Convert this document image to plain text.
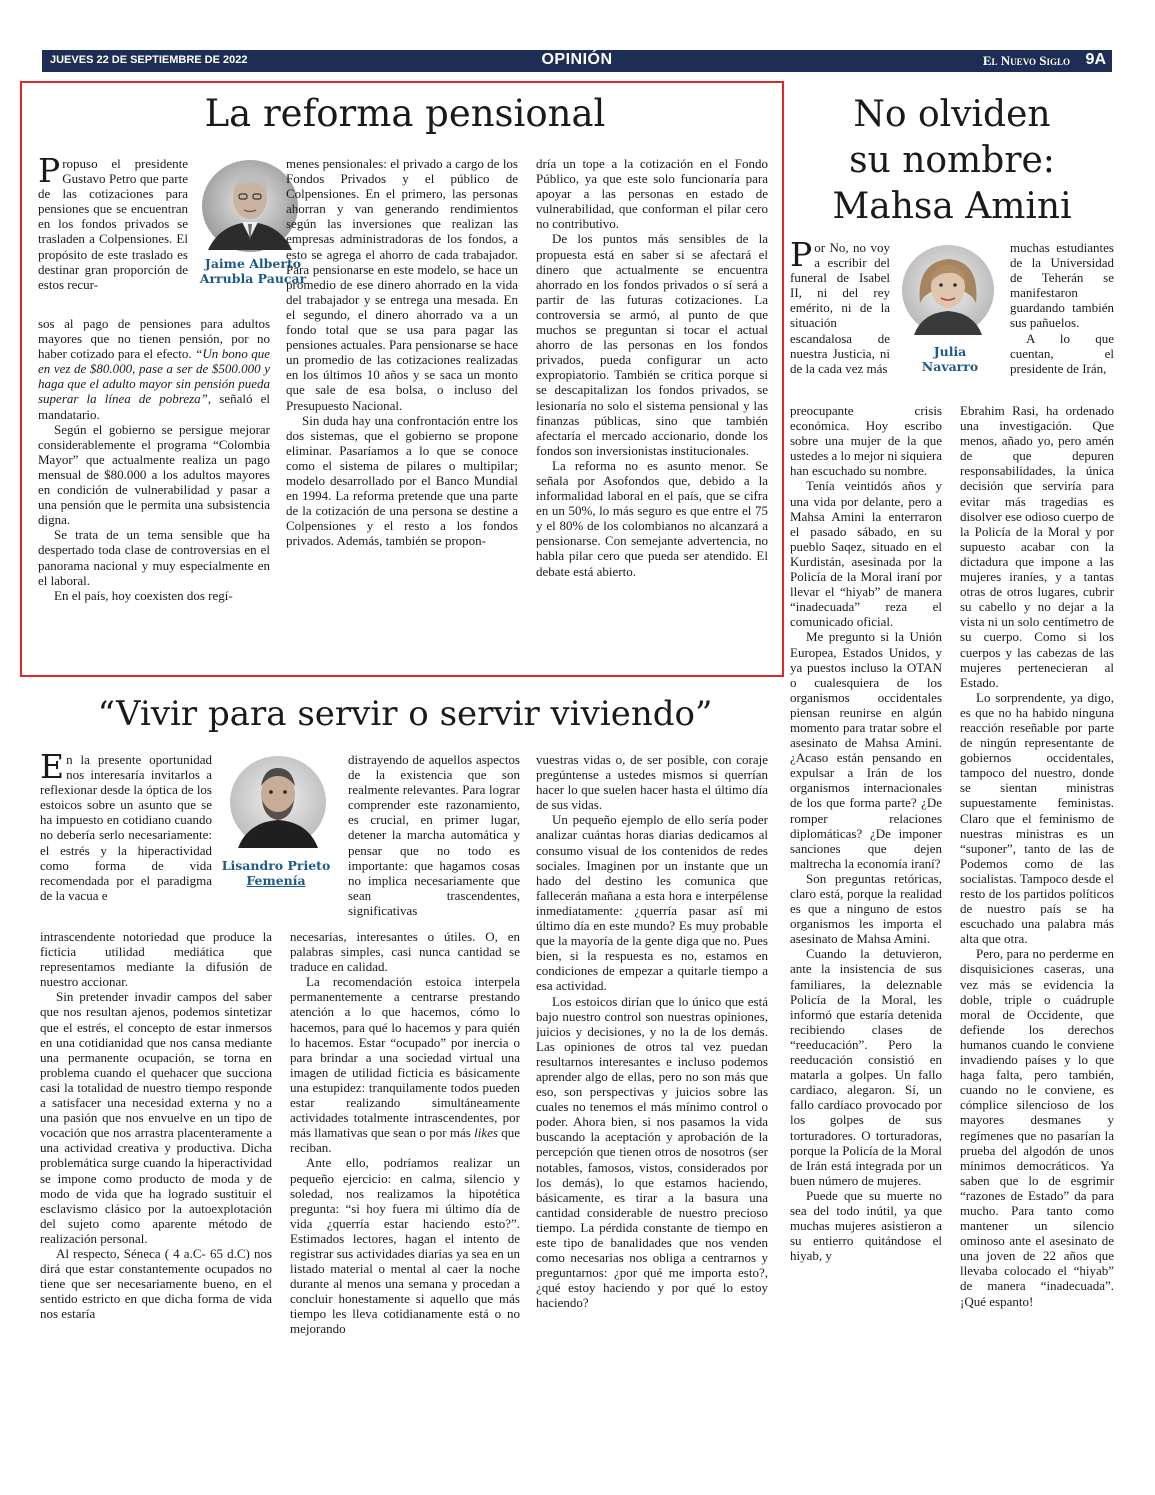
JUEVES 22 DE SEPTIEMBRE DE 2022	OPINIÓN	El Nuevo Siglo 9A
La reforma pensional

Propuso el presidente Gustavo Petro que parte de las cotizaciones para pensiones que se encuentran en los fondos privados se trasladen a Colpensiones. El propósito de este traslado es destinar gran proporción de estos recur-

Jaime Alberto
Arrubla Paucar

sos al pago de pensiones para adultos mayores que no tienen pensión, por no haber cotizado para el efecto. “Un bono que en vez de $80.000, pase a ser de $500.000 y haga que el adulto mayor sin pensión pueda superar la línea de pobreza”, señaló el mandatario.

Según el gobierno se persigue mejorar considerablemente el programa “Colombia Mayor” que actualmente realiza un pago mensual de $80.000 a los adultos mayores en condición de vulnerabilidad y pasar a una pensión que le permita una subsistencia digna.

Se trata de un tema sensible que ha despertado toda clase de controversias en el panorama nacional y muy especialmente en el laboral.

En el país, hoy coexisten dos regí-

menes pensionales: el privado a cargo de los Fondos Privados y el público de Colpensiones. En el primero, las personas ahorran y van generando rendimientos según las inversiones que realizan las empresas administradoras de los fondos, a esto se agrega el ahorro de cada trabajador. Para pensionarse en este modelo, se hace un promedio de ese dinero ahorrado en la vida del trabajador y se entrega una mesada. En el segundo, el dinero ahorrado va a un fondo total que se usa para pagar las pensiones actuales. Para pensionarse se hace un promedio de las cotizaciones realizadas en los últimos 10 años y se saca un monto que sale de esa bolsa, o incluso del Presupuesto Nacional.

Sin duda hay una confrontación entre los dos sistemas, que el gobierno se propone eliminar. Pasaríamos a lo que se conoce como el sistema de pilares o multipilar; modelo desarrollado por el Banco Mundial en 1994. La reforma pretende que una parte de la cotización de una persona se destine a Colpensiones y el resto a los fondos privados. Además, también se propon-

dría un tope a la cotización en el Fondo Público, ya que este solo funcionaría para apoyar a las personas en estado de vulnerabilidad, que conforman el pilar cero no contributivo.

De los puntos más sensibles de la propuesta está en saber si se afectará el dinero que actualmente se encuentra ahorrado en los fondos privados o sí será a partir de las futuras cotizaciones. La controversia se armó, al punto de que muchos se preguntan si tocar el actual ahorro de las personas en los fondos privados, pueda configurar un acto expropiatorio. También se critica porque si se descapitalizan los fondos privados, se lesionaría no solo el sistema pensional y las finanzas públicas, sino que también afectaría el mercado accionario, donde los fondos son inversionistas institucionales.

La reforma no es asunto menor. Se señala por Asofondos que, debido a la informalidad laboral en el país, que se cifra en un 50%, lo más seguro es que entre el 75 y el 80% de los colombianos no alcanzará a pensionarse. Con semejante advertencia, no habla pilar cero que pueda ser atendido. El debate está abierto.

No olviden
su nombre:
Mahsa Amini

Por No, no voy a escribir del funeral de Isabel II, ni del rey emérito, ni de la situación escandalosa de nuestra Justicia, ni de la cada vez más

Julia
Navarro

muchas estudiantes de la Universidad de Teherán se manifestaron guardando también sus pañuelos.

A lo que cuentan, el presidente de Irán,

preocupante crisis económica. Hoy escribo sobre una mujer de la que ustedes a lo mejor ni siquiera han escuchado su nombre.

Tenía veintidós años y una vida por delante, pero a Mahsa Amini la enterraron el pasado sábado, en su pueblo Saqez, situado en el Kurdistán, asesinada por la Policía de la Moral iraní por llevar el “hiyab” de manera “inadecuada” reza el comunicado oficial.

Me pregunto si la Unión Europea, Estados Unidos, y ya puestos incluso la OTAN o cualesquiera de los organismos occidentales piensan reunirse en algún momento para tratar sobre el asesinato de Mahsa Amini. ¿Acaso están pensando en expulsar a Irán de los organismos internacionales de los que forma parte? ¿De romper relaciones diplomáticas? ¿De imponer sanciones que dejen maltrecha la economía iraní?

Son preguntas retóricas, claro está, porque la realidad es que a ninguno de estos organismos les importa el asesinato de Mahsa Amini.

Cuando la detuvieron, ante la insistencia de sus familiares, la deleznable Policía de la Moral, les informó que estaría detenida recibiendo clases de “reeducación”. Pero la reeducación consistió en matarla a golpes. Un fallo cardiaco, alegaron. Sí, un fallo cardíaco provocado por los golpes de sus torturadores. O torturadoras, porque la Policía de la Moral de Irán está integrada por un buen número de mujeres.

Puede que su muerte no sea del todo inútil, ya que muchas mujeres asistieron a su entierro quitándose el hiyab, y

Ebrahim Rasi, ha ordenado una investigación. Que menos, añado yo, pero amén de que depuren responsabilidades, la única decisión que serviría para evitar más tragedias es disolver ese odioso cuerpo de la Policía de la Moral y por supuesto acabar con la dictadura que impone a las mujeres iraníes, y a tantas otras de otros lugares, cubrir su cabello y no dejar a la vista ni un solo centímetro de su cuerpo. Como si los cuerpos y las cabezas de las mujeres pertenecieran al Estado.

Lo sorprendente, ya digo, es que no ha habido ninguna reacción reseñable por parte de ningún representante de gobiernos occidentales, tampoco del nuestro, donde se sientan ministras supuestamente feministas. Claro que el feminismo de nuestras ministras es un “suponer”, tanto de las de Podemos como de las socialistas. Tampoco desde el resto de los partidos políticos de nuestro país se ha escuchado una palabra más alta que otra.

Pero, para no perderme en disquisiciones caseras, una vez más se evidencia la doble, triple o cuádruple moral de Occidente, que defiende los derechos humanos cuando le conviene invadiendo países y lo que haga falta, pero también, cuando no le conviene, es cómplice silencioso de los mayores desmanes y regímenes que no pasarían la prueba del algodón de unos mínimos democráticos. Ya saben que lo de esgrimir “razones de Estado” da para mucho. Para tanto como mantener un silencio ominoso ante el asesinato de una joven de 22 años que llevaba colocado el “hiyab” de manera “inadecuada”. ¡Qué espanto!

“Vivir para servir o servir viviendo”

En la presente oportunidad nos interesaría invitarlos a reflexionar desde la óptica de los estoicos sobre un asunto que se ha impuesto en cotidiano cuando no debería serlo necesariamente: el estrés y la hiperactividad como forma de vida recomendada por el paradigma de la vacua e

Lisandro Prieto
Femenía

intrascendente notoriedad que produce la ficticia utilidad mediática que representamos mediante la difusión de nuestro accionar.

Sin pretender invadir campos del saber que nos resultan ajenos, podemos sintetizar que el estrés, el concepto de estar inmersos en una cotidianidad que nos cansa mediante una permanente ocupación, se torna en problema cuando el quehacer que succiona casi la totalidad de nuestro tiempo responde a satisfacer una necesidad externa y no a una pasión que nos envuelve en un tipo de vocación que nos arrastra placenteramente a una actividad creativa y productiva. Dicha problemática surge cuando la hiperactividad se impone como producto de moda y de modo de vida que ha logrado sustituir el esclavismo clásico por la autoexplotación del sujeto como aparente método de realización personal.

Al respecto, Séneca ( 4 a.C- 65 d.C) nos dirá que estar constantemente ocupados no tiene que ser necesariamente bueno, en el sentido estricto en que dicha forma de vida nos estaría

distrayendo de aquellos aspectos de la existencia que son realmente relevantes. Para lograr comprender este razonamiento, es crucial, en primer lugar, detener la marcha automática y pensar que no todo es importante: que hagamos cosas no implica necesariamente que sean trascendentes, significativas

necesarias, interesantes o útiles. O, en palabras simples, casi nunca cantidad se traduce en calidad.

La recomendación estoica interpela permanentemente a centrarse prestando atención a lo que hacemos, cómo lo hacemos, para qué lo hacemos y para quién lo hacemos. Estar “ocupado” por inercia o para brindar a una sociedad virtual una imagen de utilidad ficticia es básicamente una estupidez: tranquilamente todos pueden estar realizando simultáneamente actividades totalmente intrascendentes, por más llamativas que sean o por más likes que reciban.

Ante ello, podríamos realizar un pequeño ejercicio: en calma, silencio y soledad, nos realizamos la hipotética pregunta: “si hoy fuera mi último día de vida ¿querría estar haciendo esto?”. Estimados lectores, hagan el intento de registrar sus actividades diarias ya sea en un listado material o mental al caer la noche durante al menos una semana y procedan a concluir honestamente si aquello que más tiempo les lleva cotidianamente está o no mejorando

vuestras vidas o, de ser posible, con coraje pregúntense a ustedes mismos si querrían hacer lo que suelen hacer hasta el último día de sus vidas.

Un pequeño ejemplo de ello sería poder analizar cuántas horas diarias dedicamos al consumo visual de los contenidos de redes sociales. Imaginen por un instante que un hado del destino les comunica que fallecerán mañana a esta hora e interpélense inmediatamente: ¿querría pasar así mi último día en este mundo? Es muy probable que la mayoría de la gente diga que no. Pues bien, si la respuesta es no, estamos en condiciones de empezar a quitarle tiempo a esa actividad.

Los estoicos dirían que lo único que está bajo nuestro control son nuestras opiniones, juicios y decisiones, y no la de los demás. Las opiniones de otros tal vez puedan resultarnos interesantes e incluso podemos aprender algo de ellas, pero no son más que eso, son perspectivas y juicios sobre las cuales no tenemos el más mínimo control o poder. Ahora bien, si nos pasamos la vida buscando la aceptación y aprobación de la percepción que tienen otros de nosotros (ser notables, famosos, vistos, considerados por los demás), lo que estamos haciendo, básicamente, es tirar a la basura una cantidad considerable de nuestro precioso tiempo. La pérdida constante de tiempo en este tipo de banalidades que nos venden como necesarias nos obliga a centrarnos y preguntarnos: ¿por qué me importa esto?, ¿qué estoy haciendo y por qué lo estoy haciendo?
